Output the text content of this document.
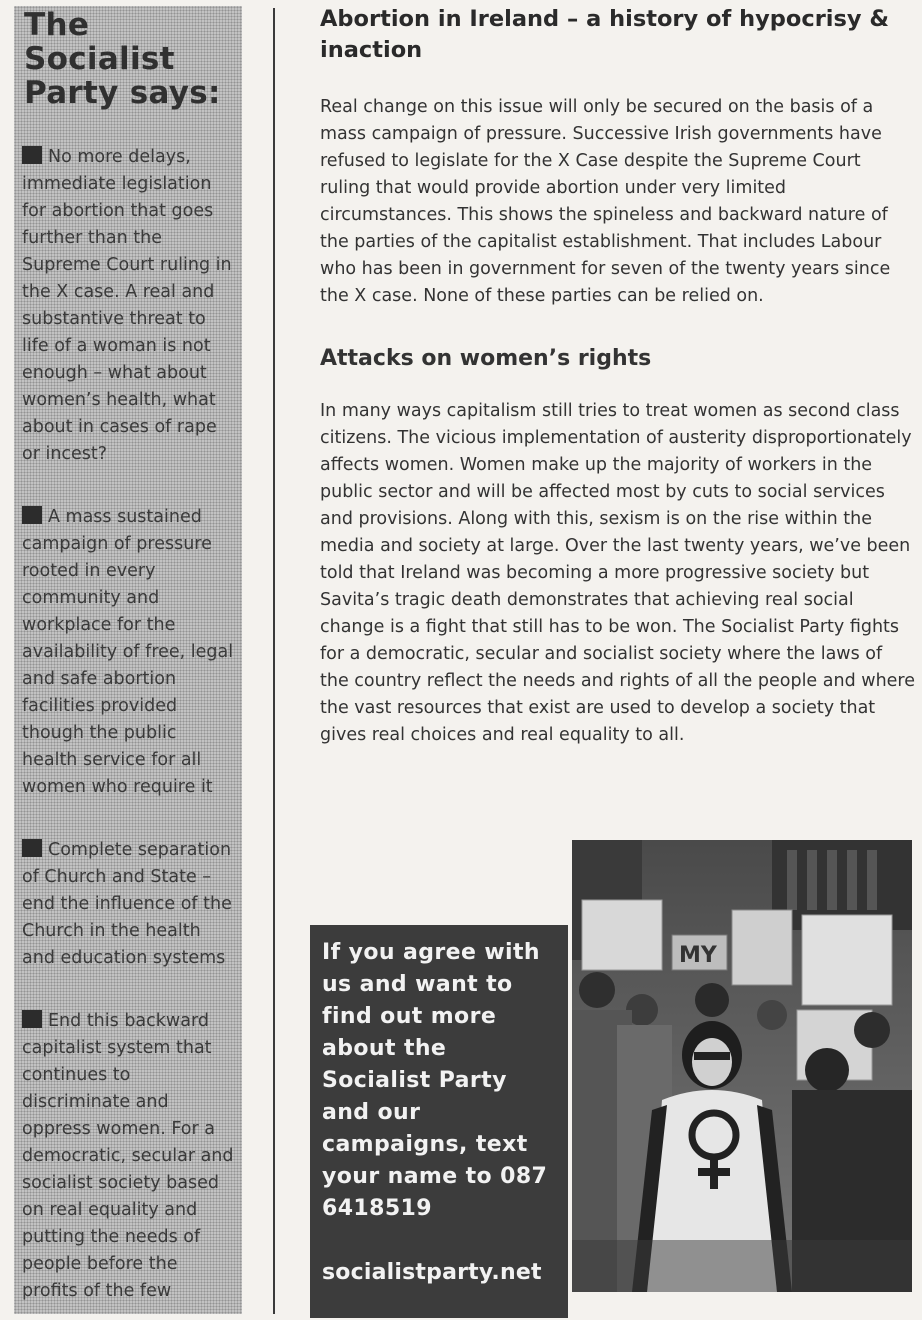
The Socialist Party says:
No more delays, immediate legislation for abortion that goes further than the Supreme Court ruling in the X case. A real and substantive threat to life of a woman is not enough – what about women’s health, what about in cases of rape or incest?
A mass sustained campaign of pressure rooted in every community and workplace for the availability of free, legal and safe abortion facilities provided though the public health service for all women who require it
Complete separation of Church and State – end the influence of the Church in the health and education systems
End this backward capitalist system that continues to discriminate and oppress women. For a democratic, secular and socialist society based on real equality and putting the needs of people before the profits of the few
Abortion in Ireland – a history of hypocrisy & inaction

Real change on this issue will only be secured on the basis of a mass campaign of pressure. Successive Irish governments have refused to legislate for the X Case despite the Supreme Court ruling that would provide abortion under very limited circumstances. This shows the spineless and backward nature of the parties of the capitalist establishment. That includes Labour who has been in government for seven of the twenty years since the X case. None of these parties can be relied on.

Attacks on women’s rights

In many ways capitalism still tries to treat women as second class citizens. The vicious implementation of austerity disproportionately affects women. Women make up the majority of workers in the public sector and will be affected most by cuts to social services and provisions. Along with this, sexism is on the rise within the media and society at large. Over the last twenty years, we’ve been told that Ireland was becoming a more progressive society but Savita’s tragic death demonstrates that achieving real social change is a fight that still has to be won. The Socialist Party fights for a democratic, secular and socialist society where the laws of the country reflect the needs and rights of all the people and where the vast resources that exist are used to develop a society that gives real choices and real equality to all.

If you agree with us and want to find out more about the Socialist Party and our campaigns, text your name to 087 6418519
socialistparty.net
MY
